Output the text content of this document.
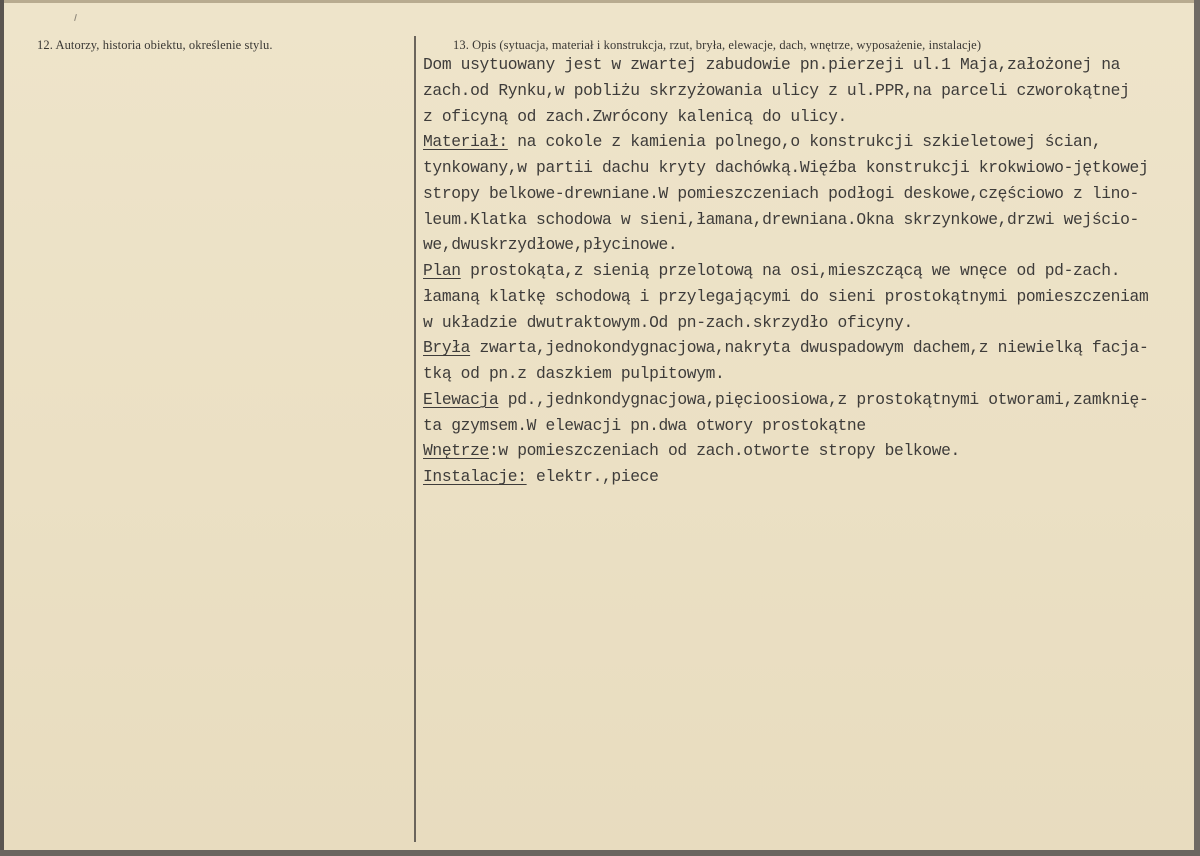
12. Autorzy, historia obiektu, określenie stylu.	13. Opis (sytuacja, materiał i konstrukcja, rzut, bryła, elewacje, dach, wnętrze, wyposażenie, instalacje)
Dom usytuowany jest w zwartej zabudowie pn.pierzeji ul.1 Maja,założonej na
zach.od Rynku,w pobliżu skrzyżowania ulicy z ul.PPR,na parceli czworokątnej
z oficyną od zach.Zwrócony kalenicą do ulicy.
Materiał: na cokole z kamienia polnego,o konstrukcji szkieletowej ścian,
tynkowany,w partii dachu kryty dachówką.Więźba konstrukcji krokwiowo-jętkowej
stropy belkowe-drewniane.W pomieszczeniach podłogi deskowe,częściowo z lino-
leum.Klatka schodowa w sieni,łamana,drewniana.Okna skrzynkowe,drzwi wejścio-
we,dwuskrzydłowe,płycinowe.
Plan prostokąta,z sienią przelotową na osi,mieszczącą we wnęce od pd-zach.
łamaną klatkę schodową i przylegającymi do sieni prostokątnymi pomieszczeniam
w układzie dwutraktowym.Od pn-zach.skrzydło oficyny.
Bryła zwarta,jednokondygnacjowa,nakryta dwuspadowym dachem,z niewielką facja-
tką od pn.z daszkiem pulpitowym.
Elewacja pd.,jednkondygnacjowa,pięcioosiowa,z prostokątnymi otworami,zamknię-
ta gzymsem.W elewacji pn.dwa otwory prostokątne
Wnętrze:w pomieszczeniach od zach.otworte stropy belkowe.
Instalacje: elektr.,piece
